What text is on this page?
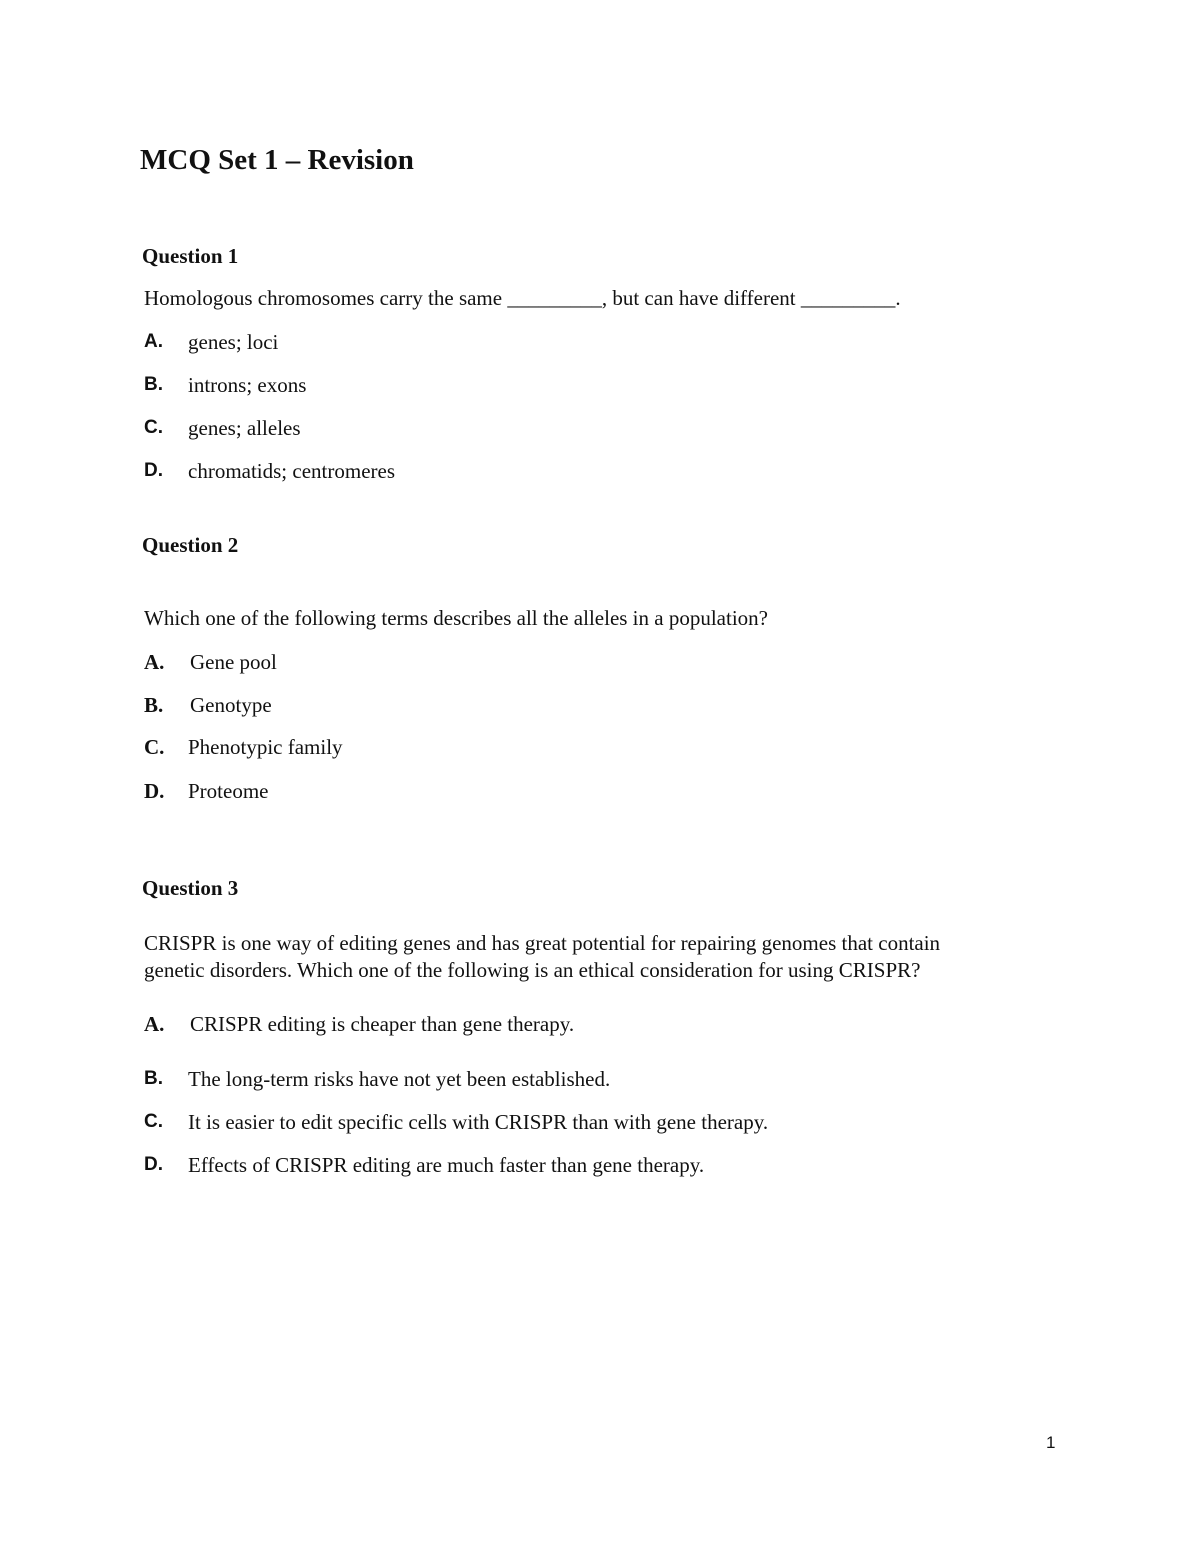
MCQ Set 1 – Revision
Question 1
Homologous chromosomes carry the same _________, but can have different _________.
A. genes; loci
B. introns; exons
C. genes; alleles
D. chromatids; centromeres
Question 2
Which one of the following terms describes all the alleles in a population?
A. Gene pool
B. Genotype
C. Phenotypic family
D. Proteome
Question 3
CRISPR is one way of editing genes and has great potential for repairing genomes that contain
genetic disorders. Which one of the following is an ethical consideration for using CRISPR?
A. CRISPR editing is cheaper than gene therapy.
B. The long-term risks have not yet been established.
C. It is easier to edit specific cells with CRISPR than with gene therapy.
D. Effects of CRISPR editing are much faster than gene therapy.
1
